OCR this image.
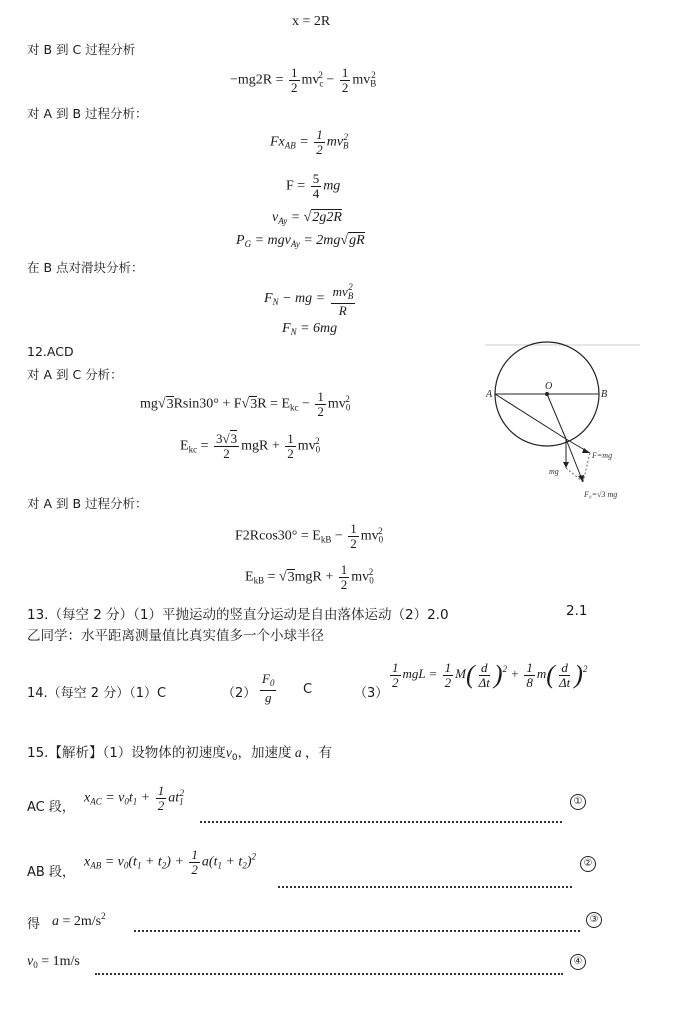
x = 2R
对 B 到 C 过程分析
$-mg2R = \frac{1}{2} mv_c^2 - \frac{1}{2} mv_B^2$
对 A 到 B 过程分析：
$Fx_{AB} = \frac{1}{2} mv_B^2$
$F = \frac{5}{4}$ mg
$v_{Ay} = √2g2R$
$P_G = mgv_{Ay} = 2mg√gR$
在 B 点对滑块分析：
$F_N$ − mg = $\frac{mv_B^2}{R}$
$F_N = 6mg$
12.ACD
对 A 到 C 分析：
$mg√3Rsin30^\circ + F√3R = E_{kc} - \frac{1}{2} mv_0^2$
$E_{kc} = \frac{3√3}{2}$ mgR + $\frac{1}{2} mv_0^2$
A
O
B
F=mg
mg
F₀=√3 mg
对 A 到 B 过程分析：
$F2Rcos30^\circ = E_{kB} - \frac{1}{2} mv_0^2$
$E_{kB} = √3mgR + \frac{1}{2} mv_0^2$
13.（每空 2 分）（1）平抛运动的竖直分运动是自由落体运动（2）2.0	2.1
乙同学：水平距离测量值比真实值多一个小球半径
14.（每空 2 分）（1）C	$(2) \frac{F_0}{g}$ C	（3）
$\frac{1}{2}$ mgL = $\frac{1}{2} M( \frac{d}{\Delta t} )^2 + \frac{1}{8} m( \frac{d}{\Delta t} )^2$
15.【解析】（1）设物体的初速度$v_0$，加速度 a ，有
AC 段，
$x_{AC} = v_0t_1 + \frac{1}{2} at_1^2$
①
AB 段，
$x_{AB} = v_0(t_1 + t_2) + \frac{1}{2} a(t_1 + t_2)^2$
②
得 $a = 2m/s^2$	③
$v_0 = 1m/s$	④
